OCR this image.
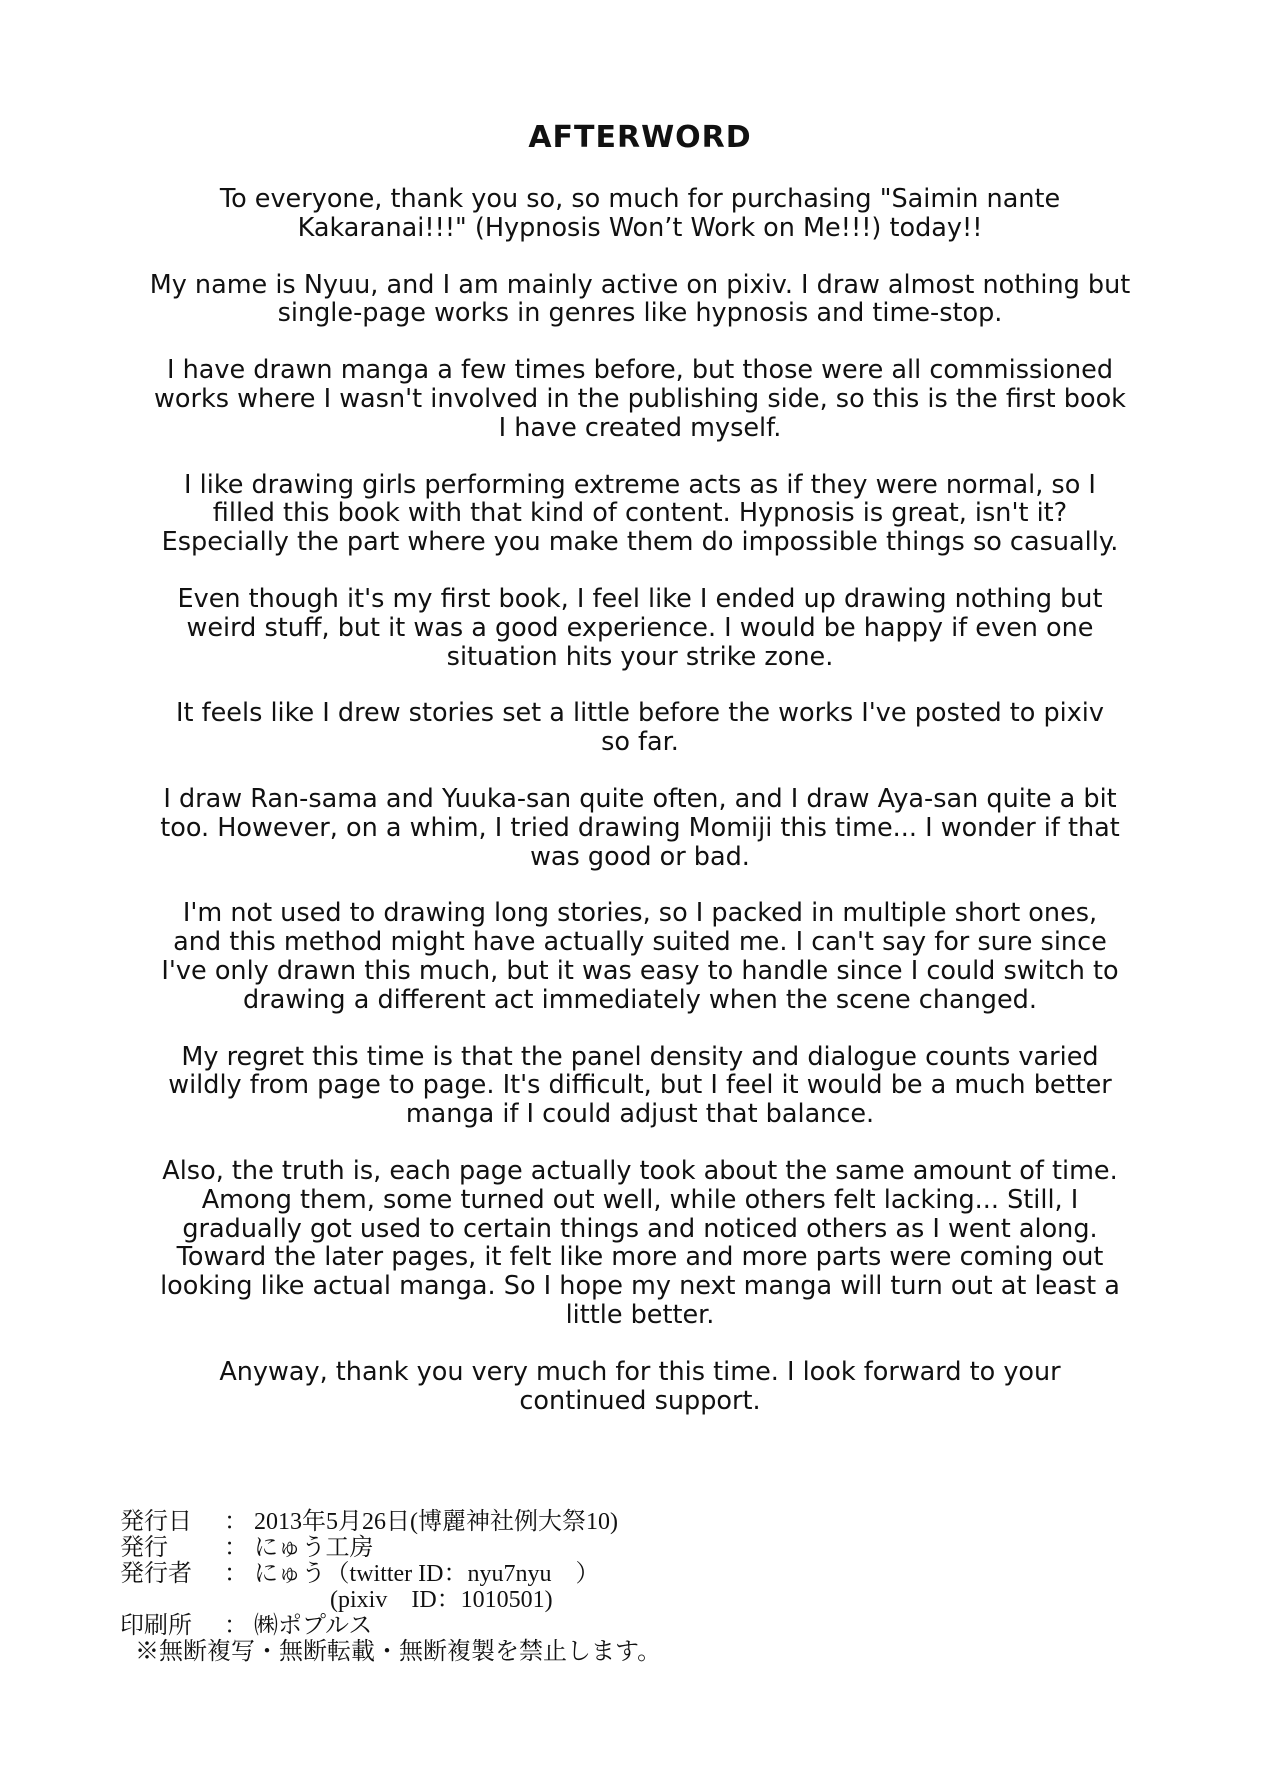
AFTERWORD

To everyone, thank you so, so much for purchasing "Saimin nante
Kakaranai!!!" (Hypnosis Won’t Work on Me!!!) today!!

My name is Nyuu, and I am mainly active on pixiv. I draw almost nothing but
single-page works in genres like hypnosis and time-stop.

I have drawn manga a few times before, but those were all commissioned
works where I wasn't involved in the publishing side, so this is the first book
I have created myself.

I like drawing girls performing extreme acts as if they were normal, so I
filled this book with that kind of content. Hypnosis is great, isn't it?
Especially the part where you make them do impossible things so casually.

Even though it's my first book, I feel like I ended up drawing nothing but
weird stuff, but it was a good experience. I would be happy if even one
situation hits your strike zone.

It feels like I drew stories set a little before the works I've posted to pixiv
so far.

I draw Ran-sama and Yuuka-san quite often, and I draw Aya-san quite a bit
too. However, on a whim, I tried drawing Momiji this time... I wonder if that
was good or bad.

I'm not used to drawing long stories, so I packed in multiple short ones,
and this method might have actually suited me. I can't say for sure since
I've only drawn this much, but it was easy to handle since I could switch to
drawing a different act immediately when the scene changed.

My regret this time is that the panel density and dialogue counts varied
wildly from page to page. It's difficult, but I feel it would be a much better
manga if I could adjust that balance.

Also, the truth is, each page actually took about the same amount of time.
Among them, some turned out well, while others felt lacking... Still, I
gradually got used to certain things and noticed others as I went along.
Toward the later pages, it felt like more and more parts were coming out
looking like actual manga. So I hope my next manga will turn out at least a
little better.

Anyway, thank you very much for this time. I look forward to your
continued support.

発行日	： 2013年5月26日(博麗神社例大祭10)
発行	： にゅう工房
発行者	： にゅう（twitter ID：nyu7nyu　）
(pixiv　ID：1010501)
印刷所	： ㈱ポプルス
※無断複写・無断転載・無断複製を禁止します。
